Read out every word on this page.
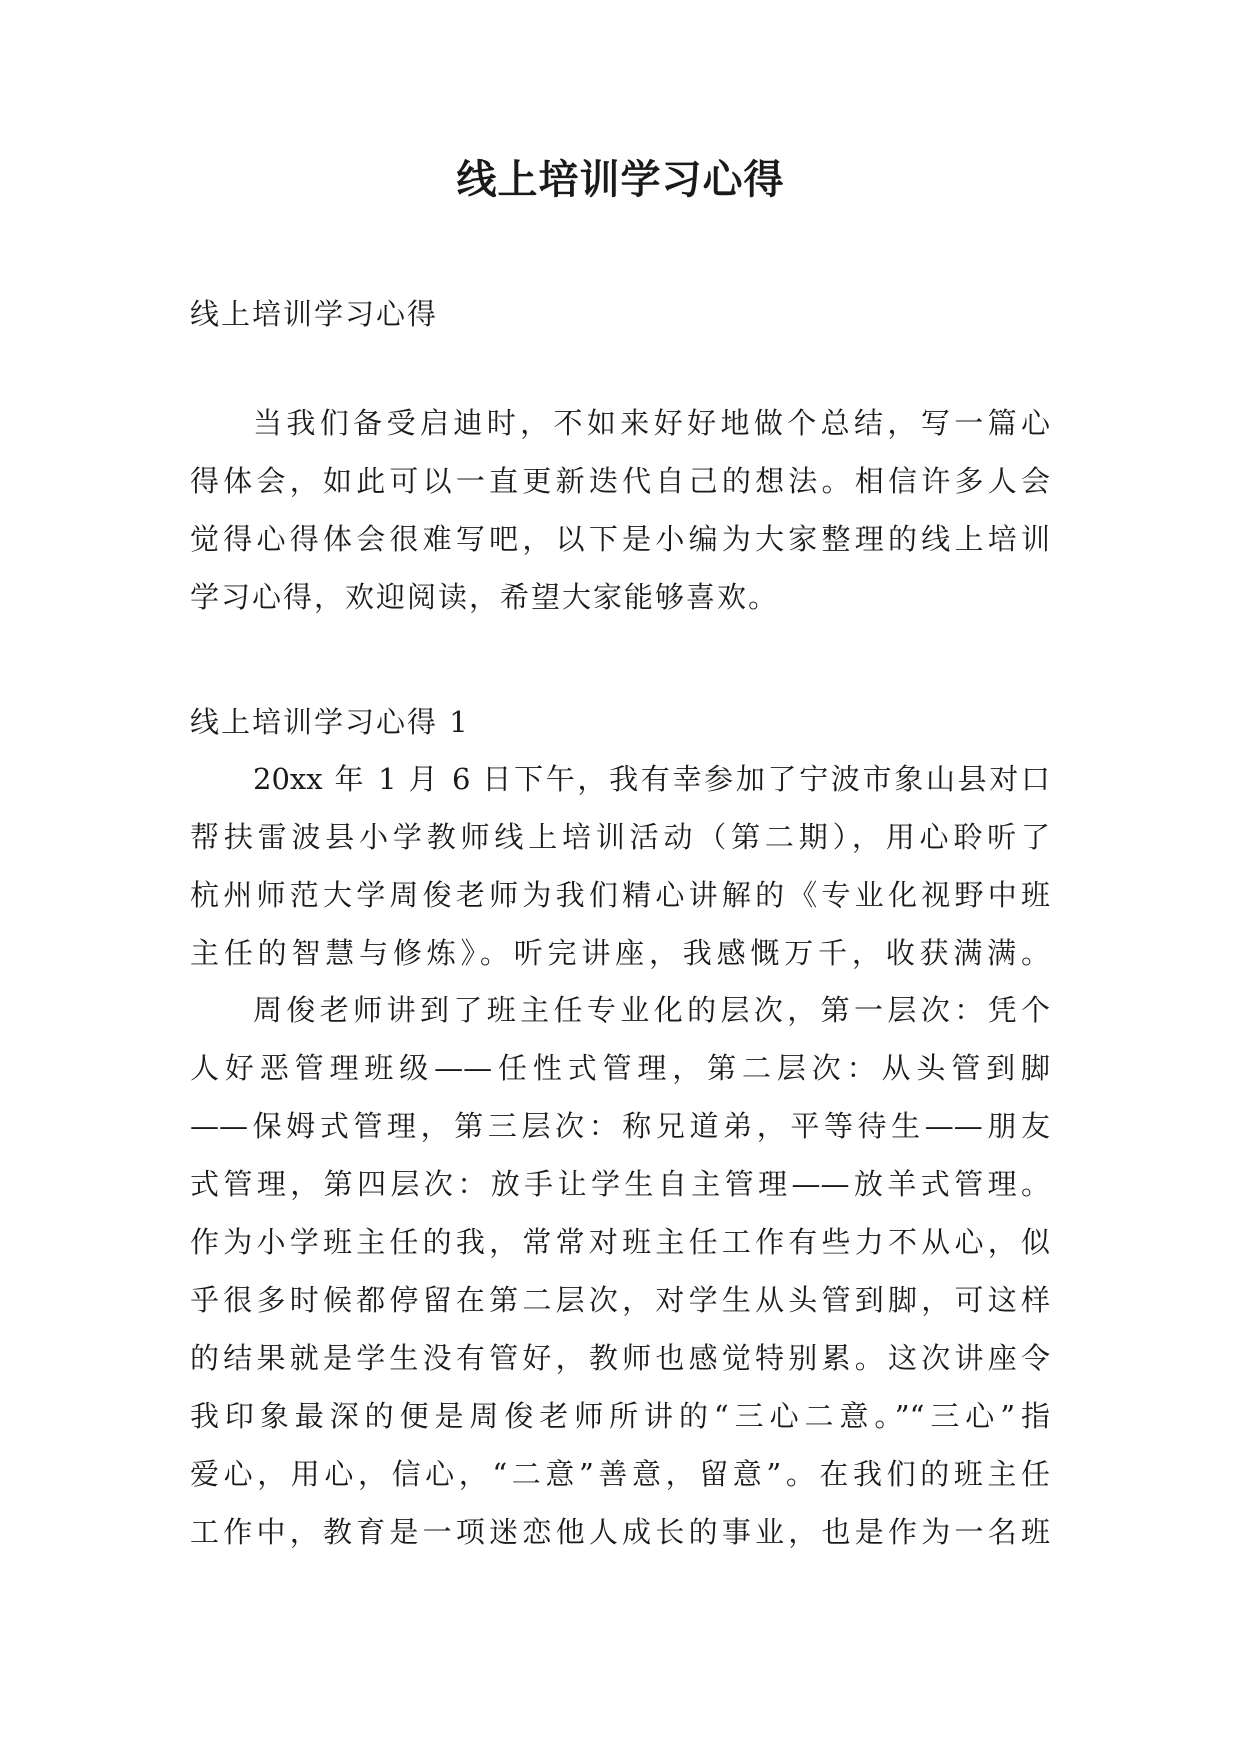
线上培训学习心得
线上培训学习心得
当我们备受启迪时，不如来好好地做个总结，写一篇心
得体会，如此可以一直更新迭代自己的想法。相信许多人会
觉得心得体会很难写吧，以下是小编为大家整理的线上培训
学习心得，欢迎阅读，希望大家能够喜欢。
线上培训学习心得 1
20xx 年 1 月 6 日下午，我有幸参加了宁波市象山县对口
帮扶雷波县小学教师线上培训活动（第二期），用心聆听了
杭州师范大学周俊老师为我们精心讲解的《专业化视野中班
主任的智慧与修炼》。听完讲座，我感慨万千，收获满满。
周俊老师讲到了班主任专业化的层次，第一层次：凭个
人好恶管理班级——任性式管理，第二层次：从头管到脚
——保姆式管理，第三层次：称兄道弟，平等待生——朋友
式管理，第四层次：放手让学生自主管理——放羊式管理。
作为小学班主任的我，常常对班主任工作有些力不从心，似
乎很多时候都停留在第二层次，对学生从头管到脚，可这样
的结果就是学生没有管好，教师也感觉特别累。这次讲座令
我印象最深的便是周俊老师所讲的“三心二意。”“三心”指
爱心，用心，信心，“二意”善意，留意”。在我们的班主任
工作中，教育是一项迷恋他人成长的事业，也是作为一名班
